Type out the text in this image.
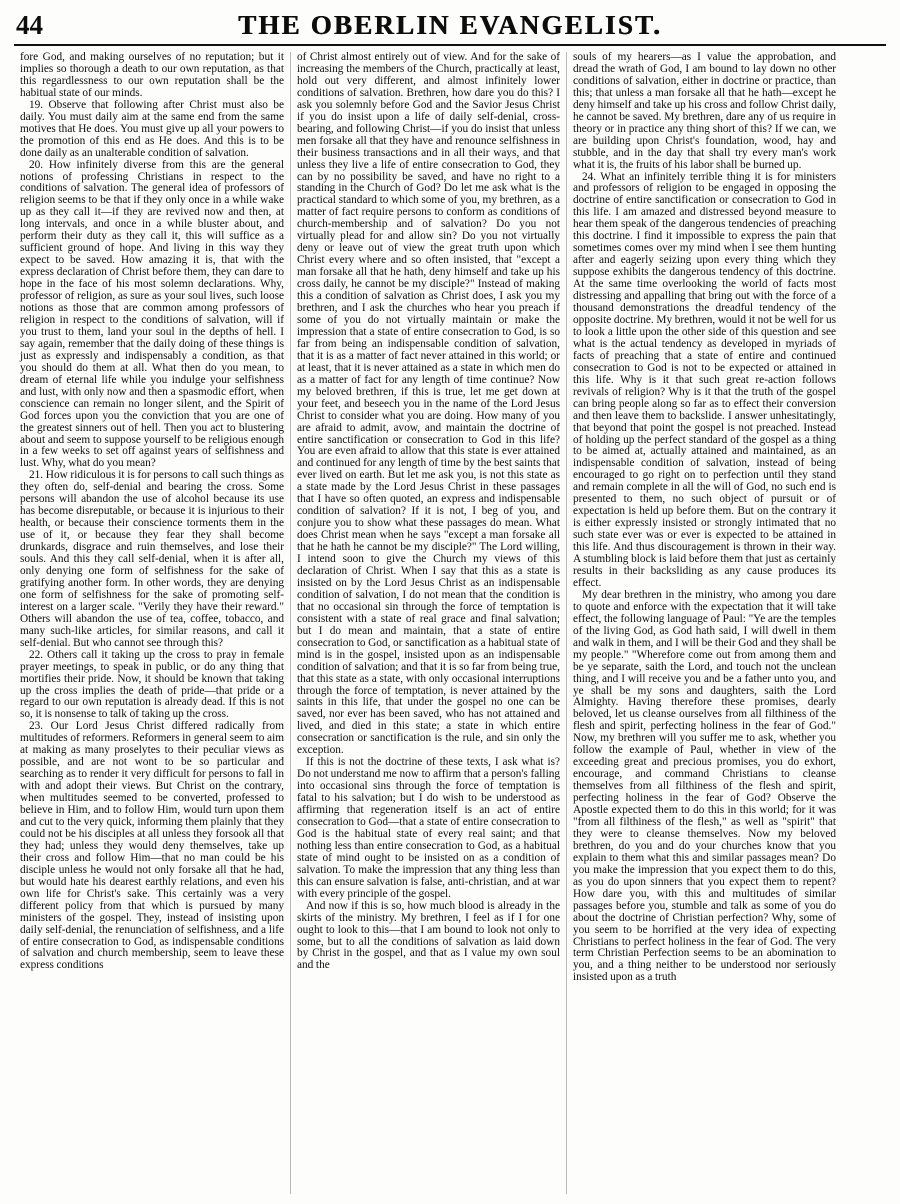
44	THE OBERLIN EVANGELIST.

fore God, and making ourselves of no reputation; but it implies so thorough a death to our own reputation, as that this regardlessness to our own reputation shall be the habitual state of our minds.

19. Observe that following after Christ must also be daily. You must daily aim at the same end from the same motives that He does. You must give up all your powers to the promotion of this end as He does. And this is to be done daily as an unalterable condition of salvation.

20. How infinitely diverse from this are the general notions of professing Christians in respect to the conditions of salvation. The general idea of professors of religion seems to be that if they only once in a while wake up as they call it—if they are revived now and then, at long intervals, and once in a while bluster about, and perform their duty as they call it, this will suffice as a sufficient ground of hope. And living in this way they expect to be saved. How amazing it is, that with the express declaration of Christ before them, they can dare to hope in the face of his most solemn declarations. Why, professor of religion, as sure as your soul lives, such loose notions as those that are common among professors of religion in respect to the conditions of salvation, will if you trust to them, land your soul in the depths of hell. I say again, remember that the daily doing of these things is just as expressly and indispensably a condition, as that you should do them at all. What then do you mean, to dream of eternal life while you indulge your selfishness and lust, with only now and then a spasmodic effort, when conscience can remain no longer silent, and the Spirit of God forces upon you the conviction that you are one of the greatest sinners out of hell. Then you act to blustering about and seem to suppose yourself to be religious enough in a few weeks to set off against years of selfishness and lust. Why, what do you mean?

21. How ridiculous it is for persons to call such things as they often do, self-denial and bearing the cross. Some persons will abandon the use of alcohol because its use has become disreputable, or because it is injurious to their health, or because their conscience torments them in the use of it, or because they fear they shall become drunkards, disgrace and ruin themselves, and lose their souls. And this they call self-denial, when it is after all, only denying one form of selfishness for the sake of gratifying another form. In other words, they are denying one form of selfishness for the sake of promoting self-interest on a larger scale. "Verily they have their reward." Others will abandon the use of tea, coffee, tobacco, and many such-like articles, for similar reasons, and call it self-denial. But who cannot see through this?

22. Others call it taking up the cross to pray in female prayer meetings, to speak in public, or do any thing that mortifies their pride. Now, it should be known that taking up the cross implies the death of pride—that pride or a regard to our own reputation is already dead. If this is not so, it is nonsense to talk of taking up the cross.

23. Our Lord Jesus Christ differed radically from multitudes of reformers. Reformers in general seem to aim at making as many proselytes to their peculiar views as possible, and are not wont to be so particular and searching as to render it very difficult for persons to fall in with and adopt their views. But Christ on the contrary, when multitudes seemed to be converted, professed to believe in Him, and to follow Him, would turn upon them and cut to the very quick, informing them plainly that they could not be his disciples at all unless they forsook all that they had; unless they would deny themselves, take up their cross and follow Him—that no man could be his disciple unless he would not only forsake all that he had, but would hate his dearest earthly relations, and even his own life for Christ's sake. This certainly was a very different policy from that which is pursued by many ministers of the gospel. They, instead of insisting upon daily self-denial, the renunciation of selfishness, and a life of entire consecration to God, as indispensable conditions of salvation and church membership, seem to leave these express conditions

of Christ almost entirely out of view. And for the sake of increasing the members of the Church, practically at least, hold out very different, and almost infinitely lower conditions of salvation. Brethren, how dare you do this? I ask you solemnly before God and the Savior Jesus Christ if you do insist upon a life of daily self-denial, cross-bearing, and following Christ—if you do insist that unless men forsake all that they have and renounce selfishness in their business transactions and in all their ways, and that unless they live a life of entire consecration to God, they can by no possibility be saved, and have no right to a standing in the Church of God? Do let me ask what is the practical standard to which some of you, my brethren, as a matter of fact require persons to conform as conditions of church-membership and of salvation? Do you not virtually plead for and allow sin? Do you not virtually deny or leave out of view the great truth upon which Christ every where and so often insisted, that "except a man forsake all that he hath, deny himself and take up his cross daily, he cannot be my disciple?" Instead of making this a condition of salvation as Christ does, I ask you my brethren, and I ask the churches who hear you preach if some of you do not virtually maintain or make the impression that a state of entire consecration to God, is so far from being an indispensable condition of salvation, that it is as a matter of fact never attained in this world; or at least, that it is never attained as a state in which men do as a matter of fact for any length of time continue? Now my beloved brethren, if this is true, let me get down at your feet, and beseech you in the name of the Lord Jesus Christ to consider what you are doing. How many of you are afraid to admit, avow, and maintain the doctrine of entire sanctification or consecration to God in this life? You are even afraid to allow that this state is ever attained and continued for any length of time by the best saints that ever lived on earth. But let me ask you, is not this state as a state made by the Lord Jesus Christ in these passages that I have so often quoted, an express and indispensable condition of salvation? If it is not, I beg of you, and conjure you to show what these passages do mean. What does Christ mean when he says "except a man forsake all that he hath he cannot be my disciple?" The Lord willing, I intend soon to give the Church my views of this declaration of Christ. When I say that this as a state is insisted on by the Lord Jesus Christ as an indispensable condition of salvation, I do not mean that the condition is that no occasional sin through the force of temptation is consistent with a state of real grace and final salvation; but I do mean and maintain, that a state of entire consecration to God, or sanctification as a habitual state of mind is in the gospel, insisted upon as an indispensable condition of salvation; and that it is so far from being true, that this state as a state, with only occasional interruptions through the force of temptation, is never attained by the saints in this life, that under the gospel no one can be saved, nor ever has been saved, who has not attained and lived, and died in this state; a state in which entire consecration or sanctification is the rule, and sin only the exception.

If this is not the doctrine of these texts, I ask what is? Do not understand me now to affirm that a person's falling into occasional sins through the force of temptation is fatal to his salvation; but I do wish to be understood as affirming that regeneration itself is an act of entire consecration to God—that a state of entire consecration to God is the habitual state of every real saint; and that nothing less than entire consecration to God, as a habitual state of mind ought to be insisted on as a condition of salvation. To make the impression that any thing less than this can ensure salvation is false, anti-christian, and at war with every principle of the gospel.

And now if this is so, how much blood is already in the skirts of the ministry. My brethren, I feel as if I for one ought to look to this—that I am bound to look not only to some, but to all the conditions of salvation as laid down by Christ in the gospel, and that as I value my own soul and the

souls of my hearers—as I value the approbation, and dread the wrath of God, I am bound to lay down no other conditions of salvation, either in doctrine or practice, than this; that unless a man forsake all that he hath—except he deny himself and take up his cross and follow Christ daily, he cannot be saved. My brethren, dare any of us require in theory or in practice any thing short of this? If we can, we are building upon Christ's foundation, wood, hay and stubble, and in the day that shall try every man's work what it is, the fruits of his labor shall be burned up.

24. What an infinitely terrible thing it is for ministers and professors of religion to be engaged in opposing the doctrine of entire sanctification or consecration to God in this life. I am amazed and distressed beyond measure to hear them speak of the dangerous tendencies of preaching this doctrine. I find it impossible to express the pain that sometimes comes over my mind when I see them hunting after and eagerly seizing upon every thing which they suppose exhibits the dangerous tendency of this doctrine. At the same time overlooking the world of facts most distressing and appalling that bring out with the force of a thousand demonstrations the dreadful tendency of the opposite doctrine. My brethren, would it not be well for us to look a little upon the other side of this question and see what is the actual tendency as developed in myriads of facts of preaching that a state of entire and continued consecration to God is not to be expected or attained in this life. Why is it that such great re-action follows revivals of religion? Why is it that the truth of the gospel can bring people along so far as to effect their conversion and then leave them to backslide. I answer unhesitatingly, that beyond that point the gospel is not preached. Instead of holding up the perfect standard of the gospel as a thing to be aimed at, actually attained and maintained, as an indispensable condition of salvation, instead of being encouraged to go right on to perfection until they stand and remain complete in all the will of God, no such end is presented to them, no such object of pursuit or of expectation is held up before them. But on the contrary it is either expressly insisted or strongly intimated that no such state ever was or ever is expected to be attained in this life. And thus discouragement is thrown in their way. A stumbling block is laid before them that just as certainly results in their backsliding as any cause produces its effect.

My dear brethren in the ministry, who among you dare to quote and enforce with the expectation that it will take effect, the following language of Paul: "Ye are the temples of the living God, as God hath said, I will dwell in them and walk in them, and I will be their God and they shall be my people." "Wherefore come out from among them and be ye separate, saith the Lord, and touch not the unclean thing, and I will receive you and be a father unto you, and ye shall be my sons and daughters, saith the Lord Almighty. Having therefore these promises, dearly beloved, let us cleanse ourselves from all filthiness of the flesh and spirit, perfecting holiness in the fear of God." Now, my brethren will you suffer me to ask, whether you follow the example of Paul, whether in view of the exceeding great and precious promises, you do exhort, encourage, and command Christians to cleanse themselves from all filthiness of the flesh and spirit, perfecting holiness in the fear of God? Observe the Apostle expected them to do this in this world; for it was "from all filthiness of the flesh," as well as "spirit" that they were to cleanse themselves. Now my beloved brethren, do you and do your churches know that you explain to them what this and similar passages mean? Do you make the impression that you expect them to do this, as you do upon sinners that you expect them to repent? How dare you, with this and multitudes of similar passages before you, stumble and talk as some of you do about the doctrine of Christian perfection? Why, some of you seem to be horrified at the very idea of expecting Christians to perfect holiness in the fear of God. The very term Christian Perfection seems to be an abomination to you, and a thing neither to be understood nor seriously insisted upon as a truth
